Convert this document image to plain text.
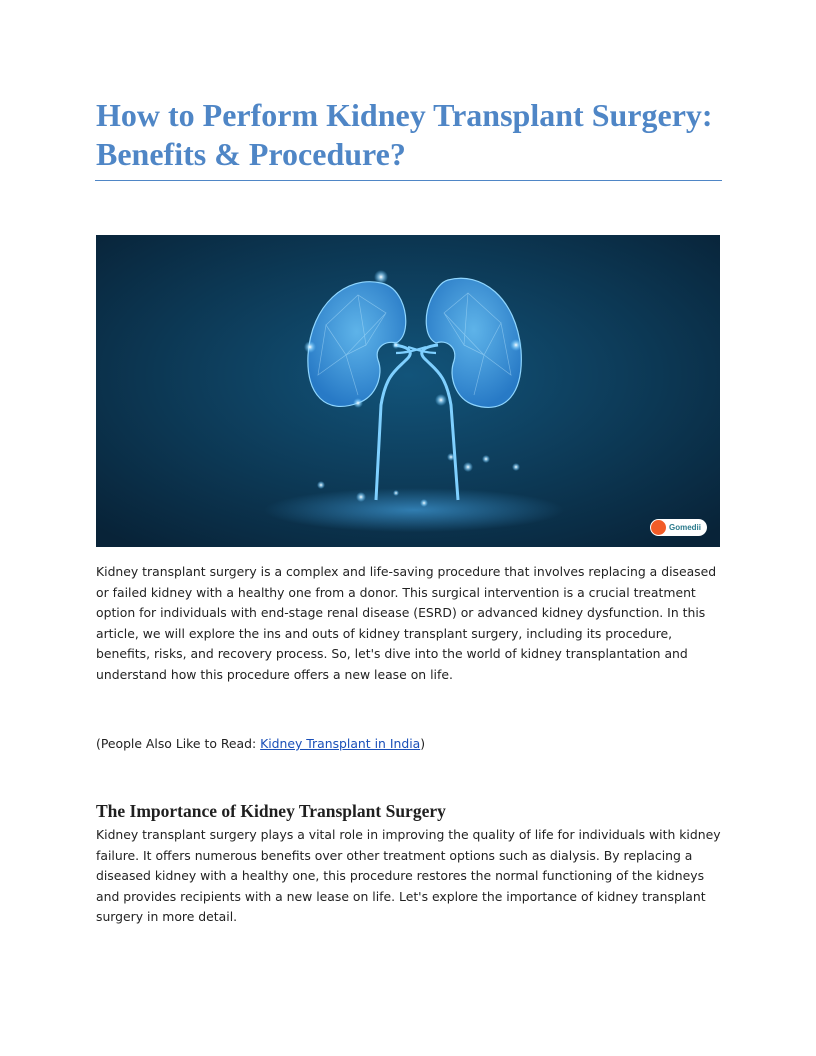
How to Perform Kidney Transplant Surgery: Benefits & Procedure?
Gomedii

Kidney transplant surgery is a complex and life-saving procedure that involves replacing a diseased or failed kidney with a healthy one from a donor. This surgical intervention is a crucial treatment option for individuals with end-stage renal disease (ESRD) or advanced kidney dysfunction. In this article, we will explore the ins and outs of kidney transplant surgery, including its procedure, benefits, risks, and recovery process. So, let's dive into the world of kidney transplantation and understand how this procedure offers a new lease on life.

(People Also Like to Read: Kidney Transplant in India)

The Importance of Kidney Transplant Surgery

Kidney transplant surgery plays a vital role in improving the quality of life for individuals with kidney failure. It offers numerous benefits over other treatment options such as dialysis. By replacing a diseased kidney with a healthy one, this procedure restores the normal functioning of the kidneys and provides recipients with a new lease on life. Let's explore the importance of kidney transplant surgery in more detail.
